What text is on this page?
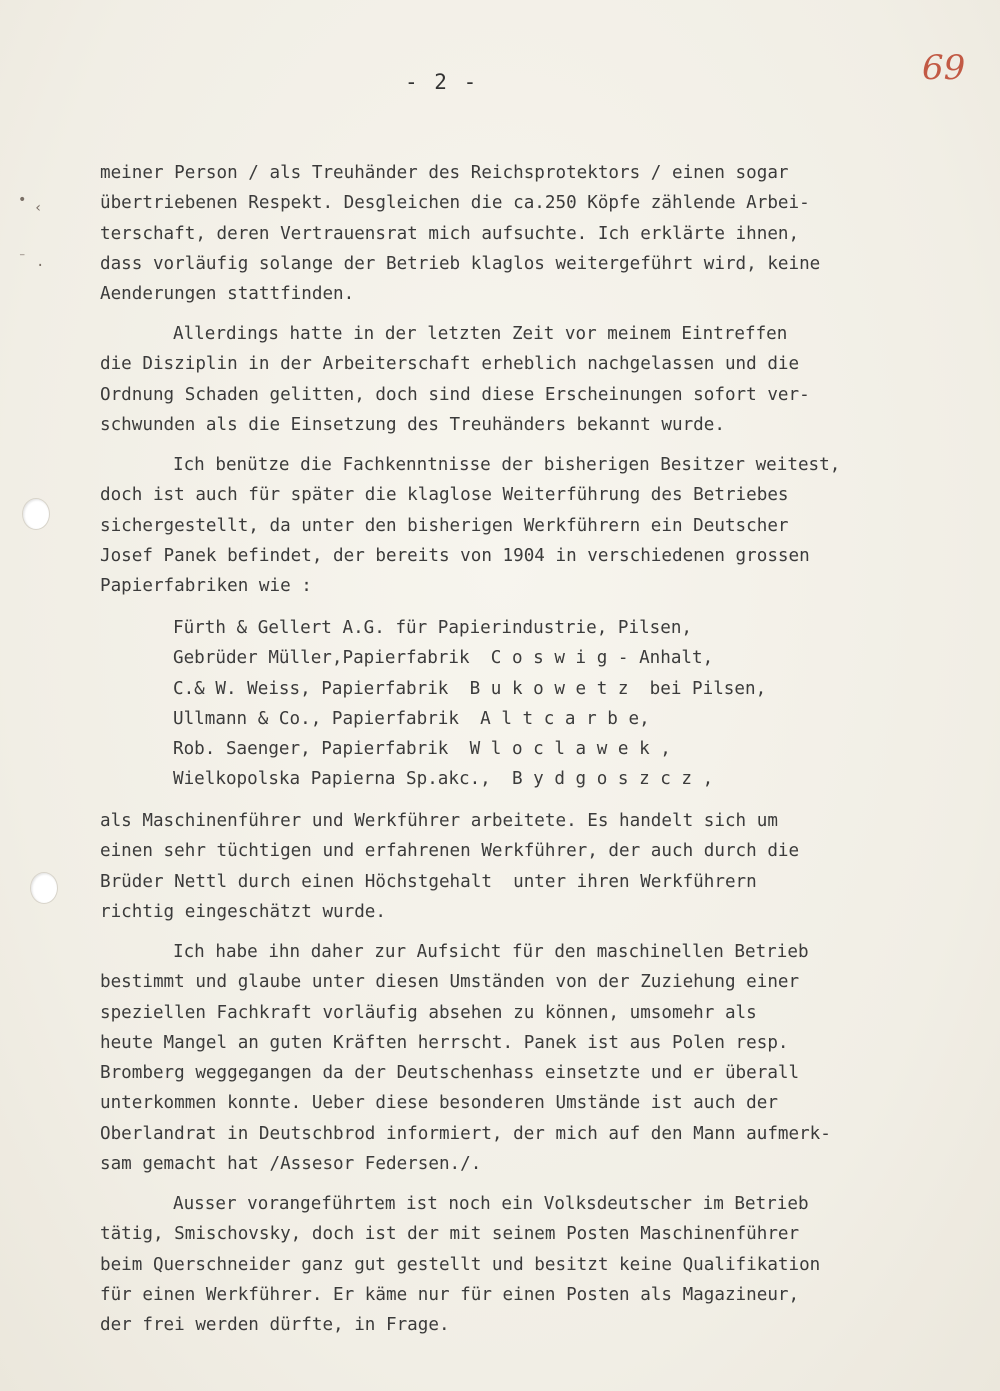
• ‹
⁻ ·
- 2 -	69
meiner Person / als Treuhänder des Reichsprotektors / einen sogar
übertriebenen Respekt. Desgleichen die ca.250 Köpfe zählende Arbei-
terschaft, deren Vertrauensrat mich aufsuchte. Ich erklärte ihnen,
dass vorläufig solange der Betrieb klaglos weitergeführt wird, keine
Aenderungen stattfinden.
Allerdings hatte in der letzten Zeit vor meinem Eintreffen
die Disziplin in der Arbeiterschaft erheblich nachgelassen und die
Ordnung Schaden gelitten, doch sind diese Erscheinungen sofort ver-
schwunden als die Einsetzung des Treuhänders bekannt wurde.
Ich benütze die Fachkenntnisse der bisherigen Besitzer weitest,
doch ist auch für später die klaglose Weiterführung des Betriebes
sichergestellt, da unter den bisherigen Werkführern ein Deutscher
Josef Panek befindet, der bereits von 1904 in verschiedenen grossen
Papierfabriken wie :
Fürth & Gellert A.G. für Papierindustrie, Pilsen,
Gebrüder Müller,Papierfabrik  C o s w i g - Anhalt,
C.& W. Weiss, Papierfabrik  B u k o w e t z  bei Pilsen,
Ullmann & Co., Papierfabrik  A l t c a r b e,
Rob. Saenger, Papierfabrik  W l o c l a w e k ,
Wielkopolska Papierna Sp.akc.,  B y d g o s z c z ,
als Maschinenführer und Werkführer arbeitete. Es handelt sich um
einen sehr tüchtigen und erfahrenen Werkführer, der auch durch die
Brüder Nettl durch einen Höchstgehalt  unter ihren Werkführern
richtig eingeschätzt wurde.
Ich habe ihn daher zur Aufsicht für den maschinellen Betrieb
bestimmt und glaube unter diesen Umständen von der Zuziehung einer
speziellen Fachkraft vorläufig absehen zu können, umsomehr als
heute Mangel an guten Kräften herrscht. Panek ist aus Polen resp.
Bromberg weggegangen da der Deutschenhass einsetzte und er überall
unterkommen konnte. Ueber diese besonderen Umstände ist auch der
Oberlandrat in Deutschbrod informiert, der mich auf den Mann aufmerk-
sam gemacht hat /Assesor Federsen./.
Ausser vorangeführtem ist noch ein Volksdeutscher im Betrieb
tätig, Smischovsky, doch ist der mit seinem Posten Maschinenführer
beim Querschneider ganz gut gestellt und besitzt keine Qualifikation
für einen Werkführer. Er käme nur für einen Posten als Magazineur,
der frei werden dürfte, in Frage.
